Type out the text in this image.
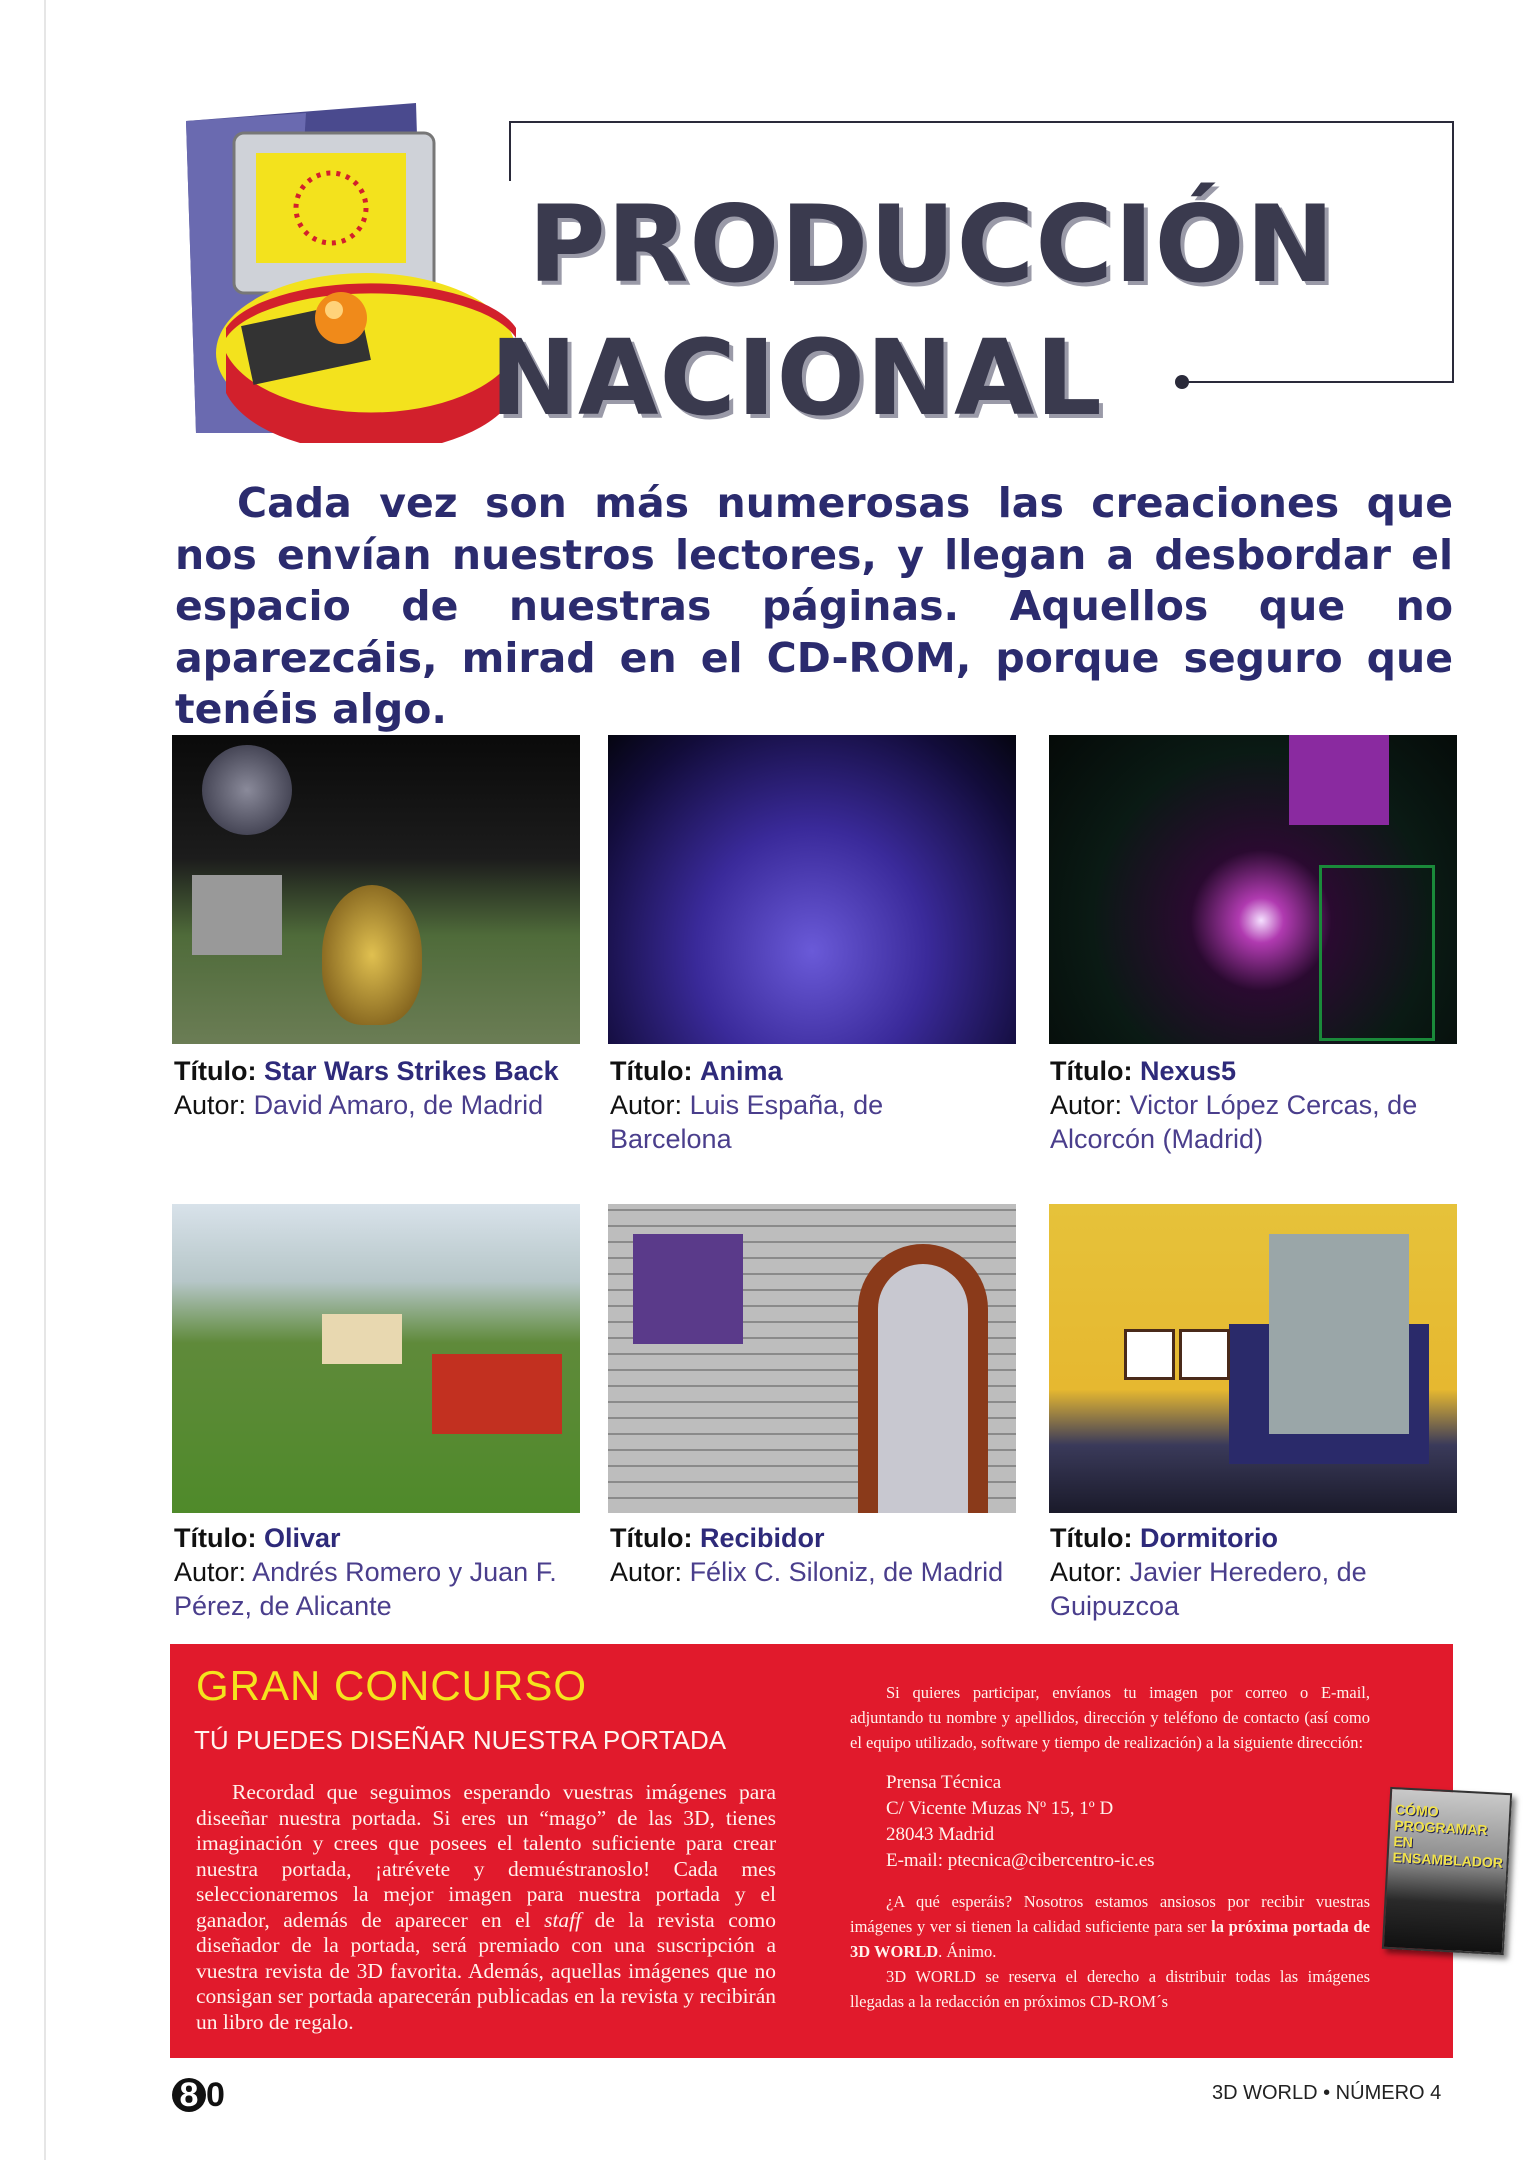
PRODUCCIÓN
NACIONAL
Cada vez son más numerosas las creaciones que nos envían nuestros lectores, y llegan a desbordar el espacio de nuestras páginas. Aquellos que no aparezcáis, mirad en el CD-ROM, porque seguro que tenéis algo.
Título: Star Wars Strikes Back
Autor: David Amaro, de Madrid
Título: Anima
Autor: Luis España, de Barcelona
Título: Nexus5
Autor: Victor López Cercas, de Alcorcón (Madrid)
Título: Olivar
Autor: Andrés Romero y Juan F. Pérez, de Alicante
Título: Recibidor
Autor: Félix C. Siloniz, de Madrid
Título: Dormitorio
Autor: Javier Heredero, de Guipuzcoa
GRAN CONCURSO
TÚ PUEDES DISEÑAR NUESTRA PORTADA

Recordad que seguimos esperando vuestras imágenes para diseeñar nuestra portada. Si eres un “mago” de las 3D, tienes imaginación y crees que posees el talento suficiente para crear nuestra portada, ¡atrévete y demuéstranoslo! Cada mes seleccionaremos la mejor imagen para nuestra portada y el ganador, además de aparecer en el staff de la revista como diseñador de la portada, será premiado con una suscripción a vuestra revista de 3D favorita. Además, aquellas imágenes que no consigan ser portada aparecerán publicadas en la revista y recibirán un libro de regalo.

Si quieres participar, envíanos tu imagen por correo o E-mail, adjuntando tu nombre y apellidos, dirección y teléfono de contacto (así como el equipo utilizado, software y tiempo de realización) a la siguiente dirección:

Prensa Técnica
C/ Vicente Muzas Nº 15, 1º D
28043 Madrid
E-mail: ptecnica@cibercentro-ic.es

¿A qué esperáis? Nosotros estamos ansiosos por recibir vuestras imágenes y ver si tienen la calidad suficiente para ser la próxima portada de 3D WORLD. Ánimo.

3D WORLD se reserva el derecho a distribuir todas las imágenes llegadas a la redacción en próximos CD-ROM´s

CÓMO PROGRAMAR EN ENSAMBLADOR
8 0	3D WORLD • NÚMERO 4
